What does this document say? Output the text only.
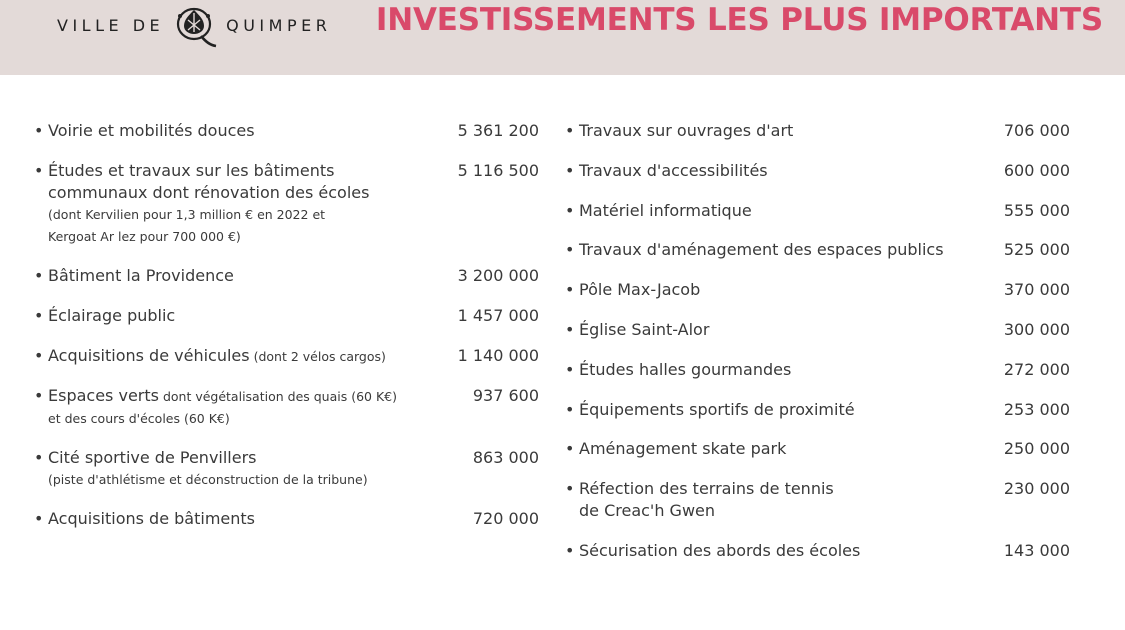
VILLE DE	QUIMPER INVESTISSEMENTS LES PLUS IMPORTANTS
• Voirie et mobilités douces	5 361 200
• Études et travaux sur les bâtiments
communaux dont rénovation des écoles
(dont Kervilien pour 1,3 million € en 2022 et
Kergoat Ar lez pour 700 000 €)
5 116 500
• Bâtiment la Providence	3 200 000
• Éclairage public	1 457 000
• Acquisitions de véhicules (dont 2 vélos cargos)	1 140 000
• Espaces verts dont végétalisation des quais (60 K€)
et des cours d'écoles (60 K€)
937 600
• Cité sportive de Penvillers
(piste d'athlétisme et déconstruction de la tribune)
863 000
• Acquisitions de bâtiments	720 000
• Travaux sur ouvrages d'art	706 000
• Travaux d'accessibilités	600 000
• Matériel informatique	555 000
• Travaux d'aménagement des espaces publics	525 000
• Pôle Max-Jacob	370 000
• Église Saint-Alor	300 000
• Études halles gourmandes	272 000
• Équipements sportifs de proximité	253 000
• Aménagement skate park	250 000
• Réfection des terrains de tennis
de Creac'h Gwen
230 000
• Sécurisation des abords des écoles	143 000
